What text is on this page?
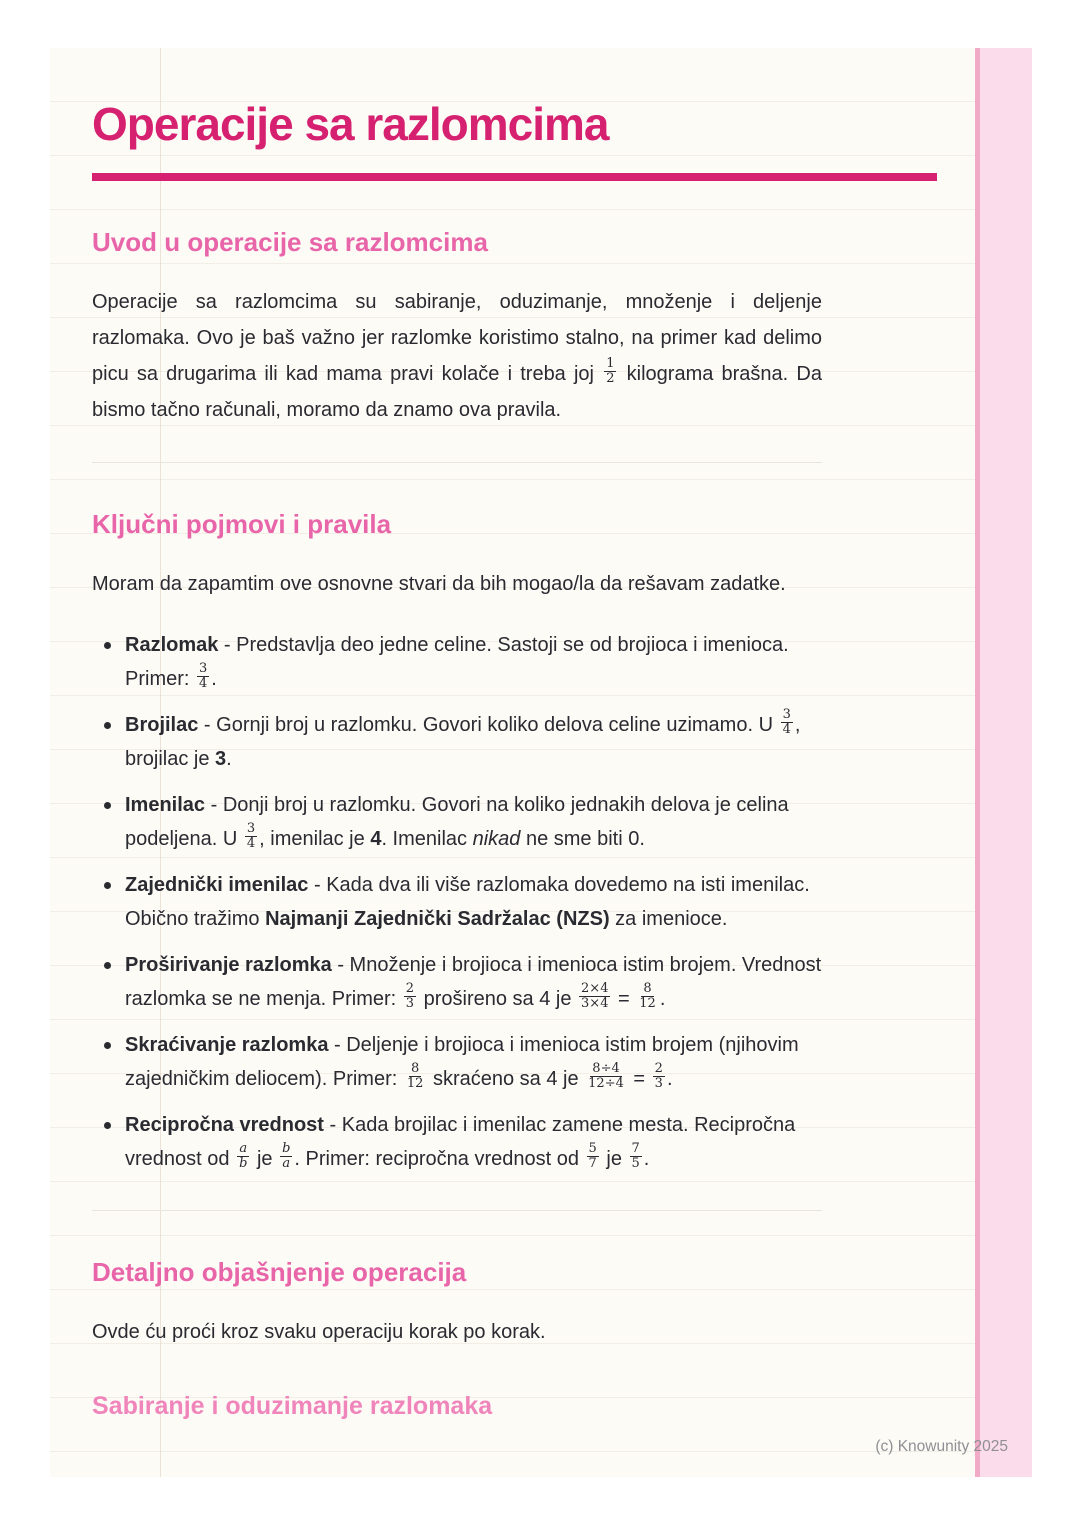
Operacije sa razlomcima
Uvod u operacije sa razlomcima

Operacije sa razlomcima su sabiranje, oduzimanje, množenje i deljenje razlomaka. Ovo je baš važno jer razlomke koristimo stalno, na primer kad delimo picu sa drugarima ili kad mama pravi kolače i treba joj $\frac{1}{2}$ kilograma brašna. Da bismo tačno računali, moramo da znamo ova pravila.

Ključni pojmovi i pravila

Moram da zapamtim ove osnovne stvari da bih mogao/la da rešavam zadatke.

Razlomak - Predstavlja deo jedne celine. Sastoji se od brojioca i imenioca. Primer: $\frac{3}{4}$ .
Brojilac - Gornji broj u razlomku. Govori koliko delova celine uzimamo. U $\frac{3}{4}$ , brojilac je 3.
Imenilac - Donji broj u razlomku. Govori na koliko jednakih delova je celina podeljena. U $\frac{3}{4}$ , imenilac je 4. Imenilac nikad ne sme biti 0.
Zajednički imenilac - Kada dva ili više razlomaka dovedemo na isti imenilac. Obično tražimo Najmanji Zajednički Sadržalac (NZS) za imenioce.
Proširivanje razlomka - Množenje i brojioca i imenioca istim brojem. Vrednost razlomka se ne menja. Primer: $\frac{2}{3}$ prošireno sa 4 je $\frac{2\times 4}{3\times 4} = \frac{8}{12}$ .
Skraćivanje razlomka - Deljenje i brojioca i imenioca istim brojem (njihovim zajedničkim deliocem). Primer: $\frac{8}{12}$ skraćeno sa 4 je $\frac{8\div 4}{12\div 4} = \frac{2}{3}$ .
Recipročna vrednost - Kada brojilac i imenilac zamene mesta. Recipročna vrednost od $\frac{a}{b}$ je $\frac{b}{a}$ . Primer: recipročna vrednost od $\frac{5}{7}$ je $\frac{7}{5}$ .
Detaljno objašnjenje operacija

Ovde ću proći kroz svaku operaciju korak po korak.

Sabiranje i oduzimanje razlomaka
(c) Knowunity 2025
